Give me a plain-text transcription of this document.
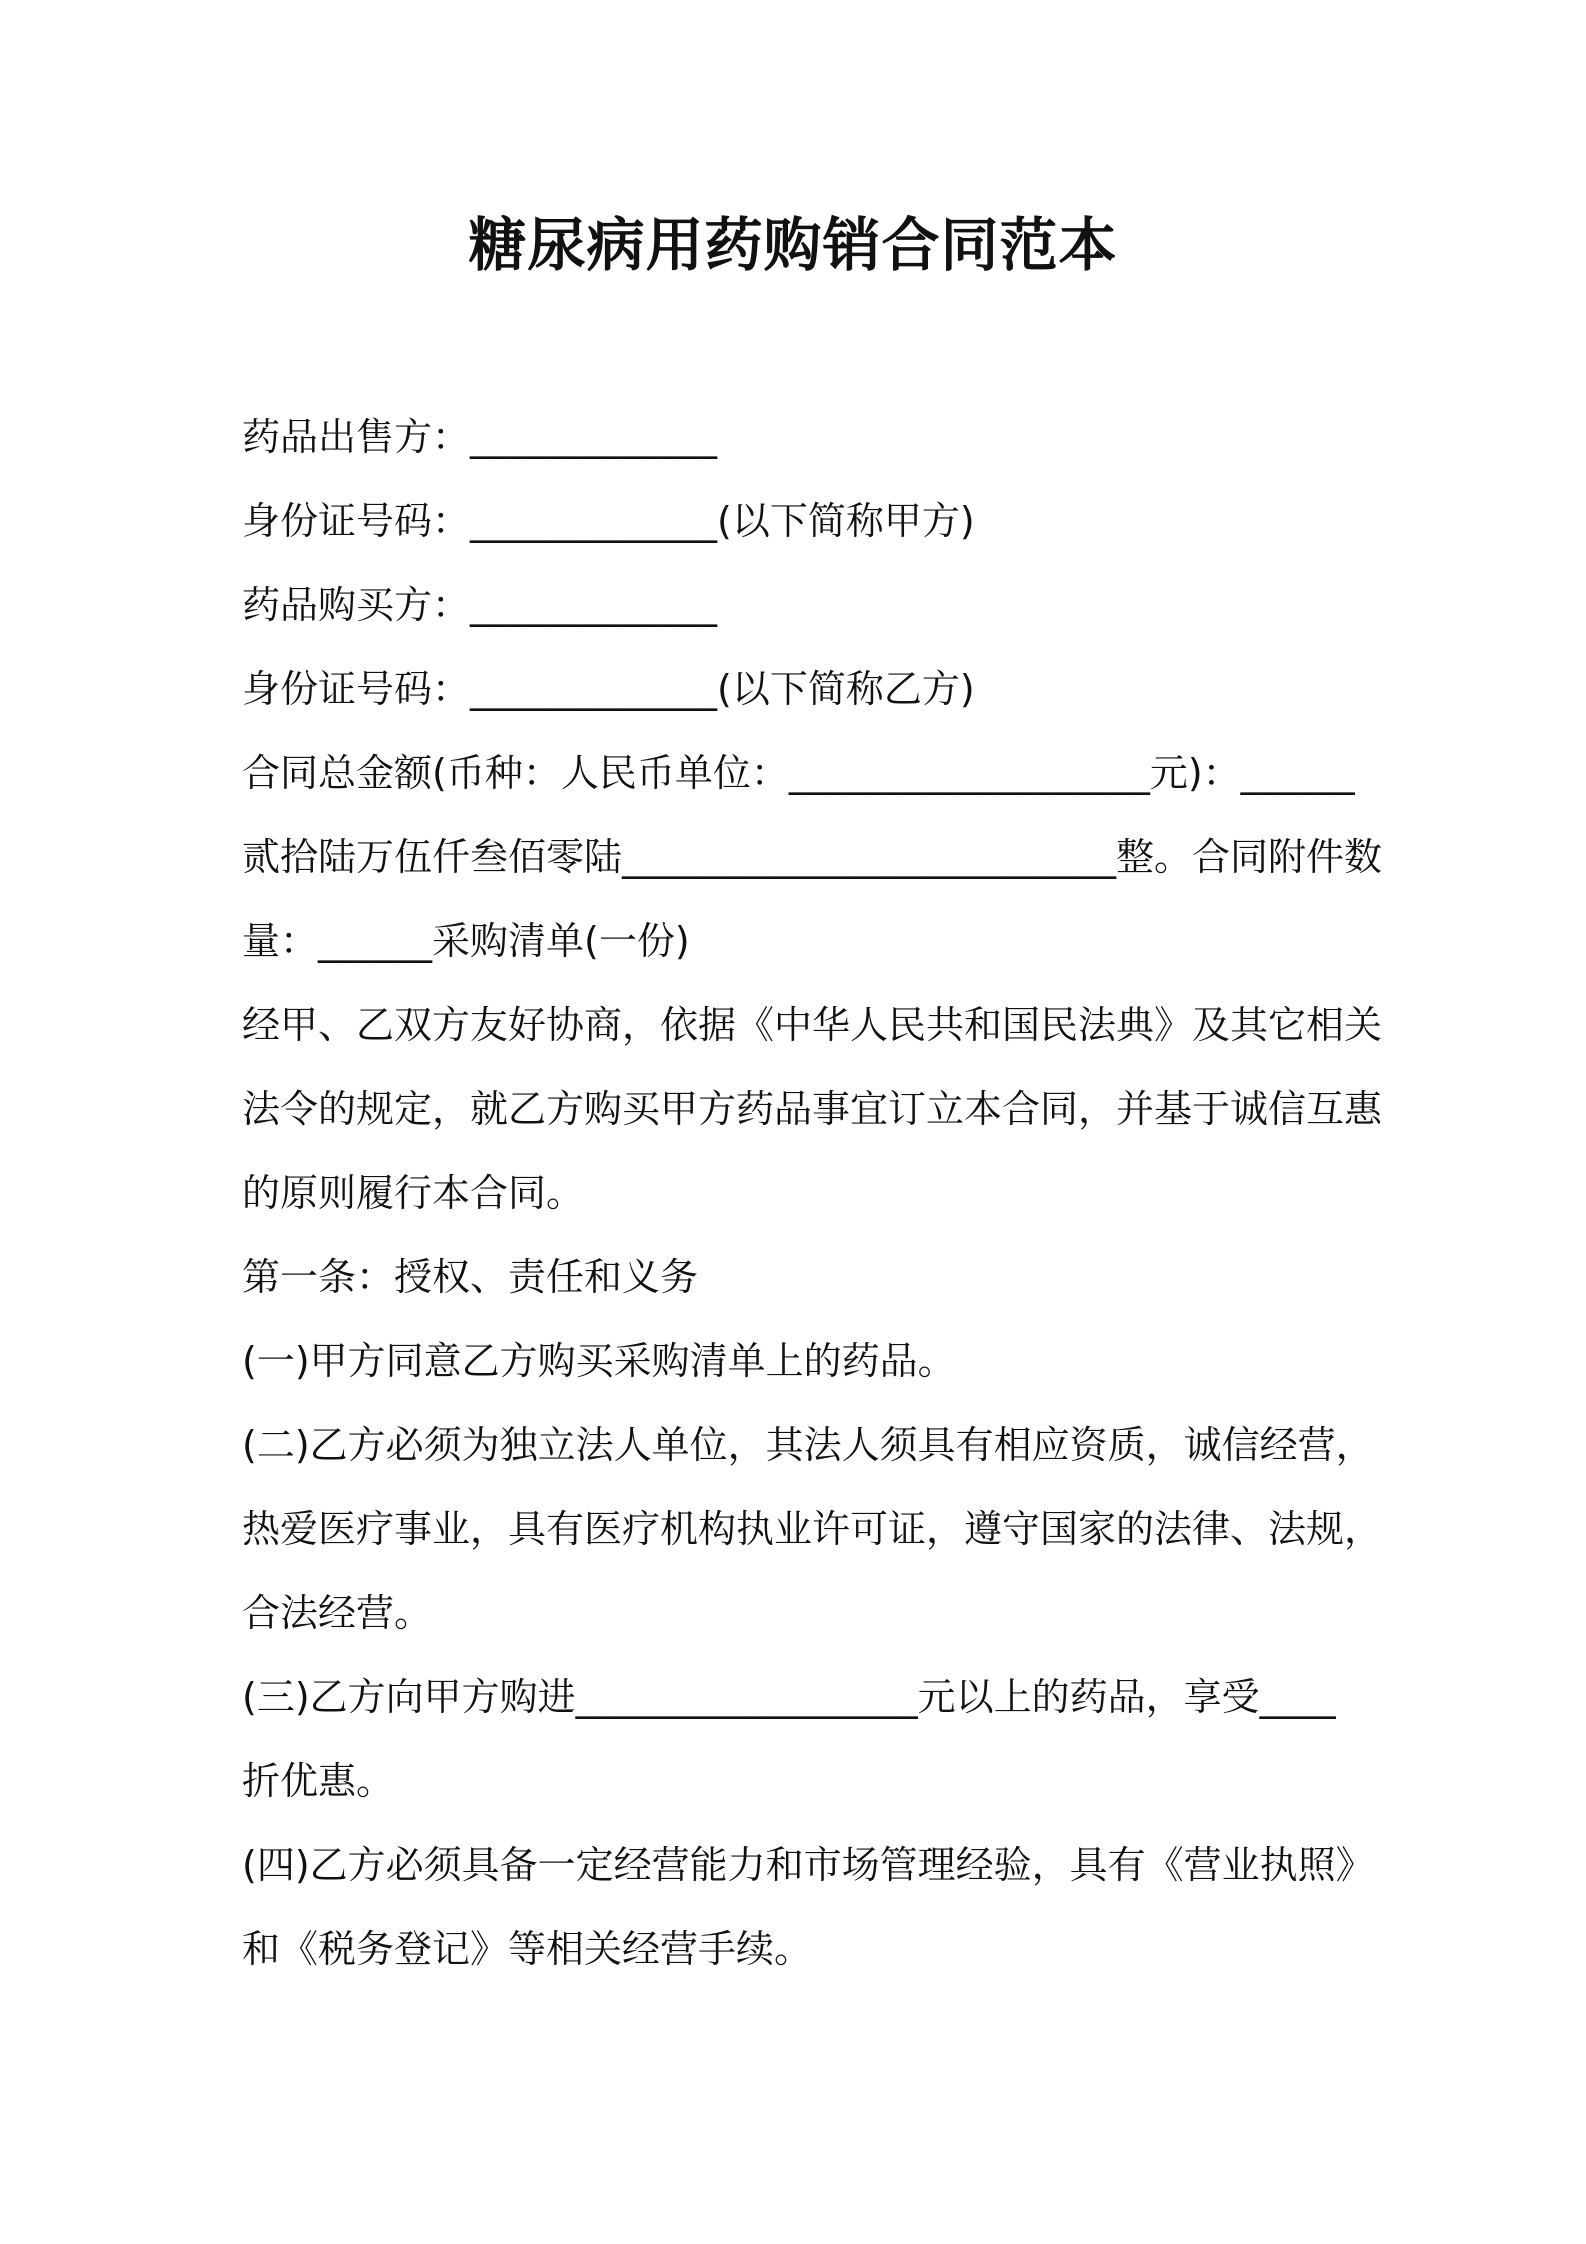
糖尿病用药购销合同范本
药品出售方：_____________
身份证号码：_____________(以下简称甲方)
药品购买方：_____________
身份证号码：_____________(以下简称乙方)
合同总金额(币种：人民币单位：___________________元)：______
贰拾陆万伍仟叁佰零陆__________________________整。合同附件数
量：______采购清单(一份)
经甲、乙双方友好协商，依据《中华人民共和国民法典》及其它相关
法令的规定，就乙方购买甲方药品事宜订立本合同，并基于诚信互惠
的原则履行本合同。
第一条：授权、责任和义务
(一)甲方同意乙方购买采购清单上的药品。
(二)乙方必须为独立法人单位，其法人须具有相应资质，诚信经营，
热爱医疗事业，具有医疗机构执业许可证，遵守国家的法律、法规，
合法经营。
(三)乙方向甲方购进__________________元以上的药品，享受____
折优惠。
(四)乙方必须具备一定经营能力和市场管理经验，具有《营业执照》
和《税务登记》等相关经营手续。
